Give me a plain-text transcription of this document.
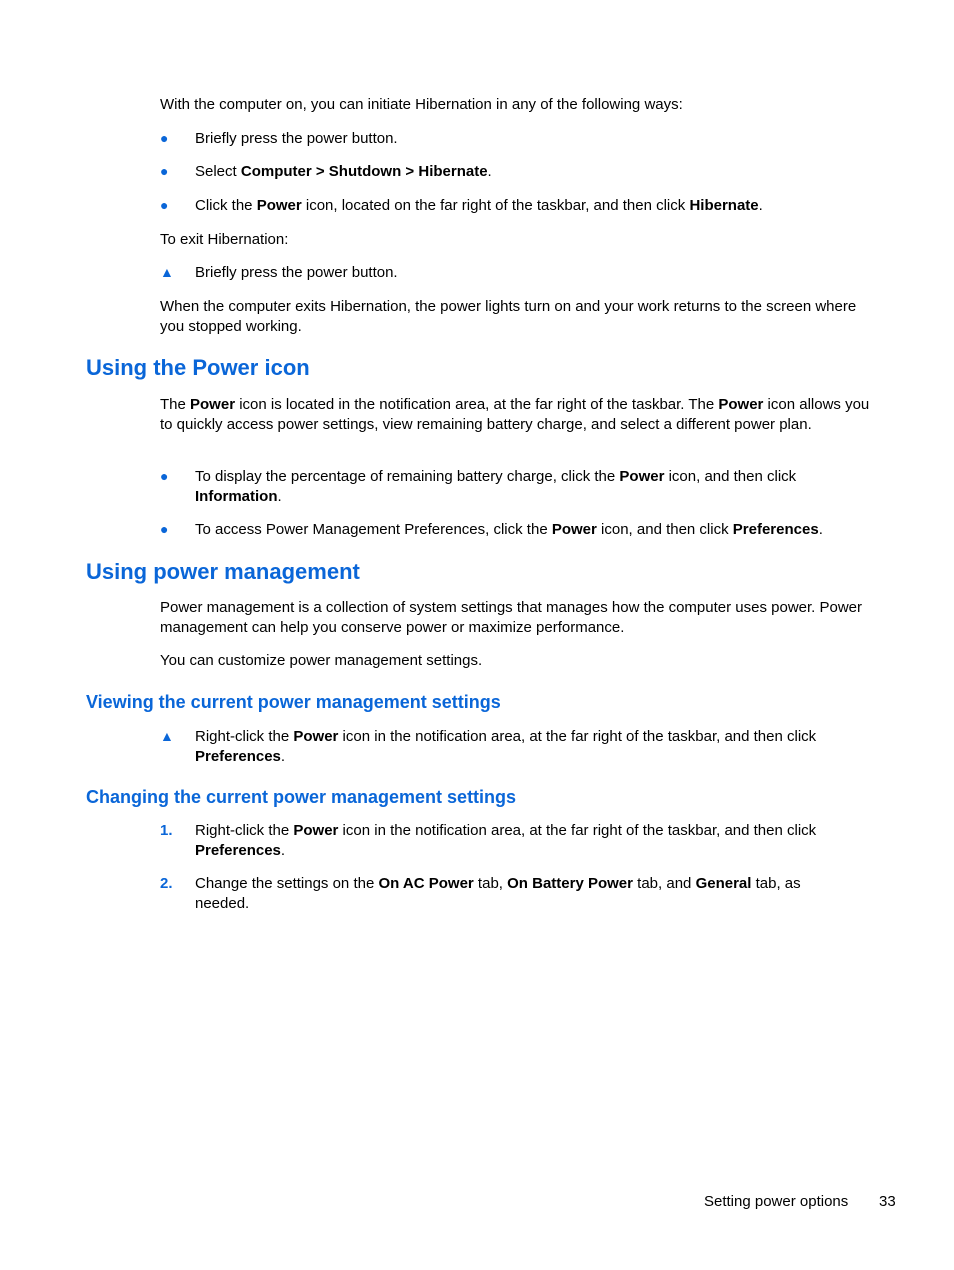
With the computer on, you can initiate Hibernation in any of the following ways:

● Briefly press the power button.
● Select Computer > Shutdown > Hibernate.
● Click the Power icon, located on the far right of the taskbar, and then click Hibernate.

To exit Hibernation:

▲ Briefly press the power button.

When the computer exits Hibernation, the power lights turn on and your work returns to the screen where you stopped working.

Using the Power icon

The Power icon is located in the notification area, at the far right of the taskbar. The Power icon allows you to quickly access power settings, view remaining battery charge, and select a different power plan.

● To display the percentage of remaining battery charge, click the Power icon, and then click Information.
● To access Power Management Preferences, click the Power icon, and then click Preferences.
Using power management

Power management is a collection of system settings that manages how the computer uses power. Power management can help you conserve power or maximize performance.

You can customize power management settings.

Viewing the current power management settings
▲ Right-click the Power icon in the notification area, at the far right of the taskbar, and then click Preferences.
Changing the current power management settings
1. Right-click the Power icon in the notification area, at the far right of the taskbar, and then click Preferences.
2. Change the settings on the On AC Power tab, On Battery Power tab, and General tab, as needed.
Setting power options 33
